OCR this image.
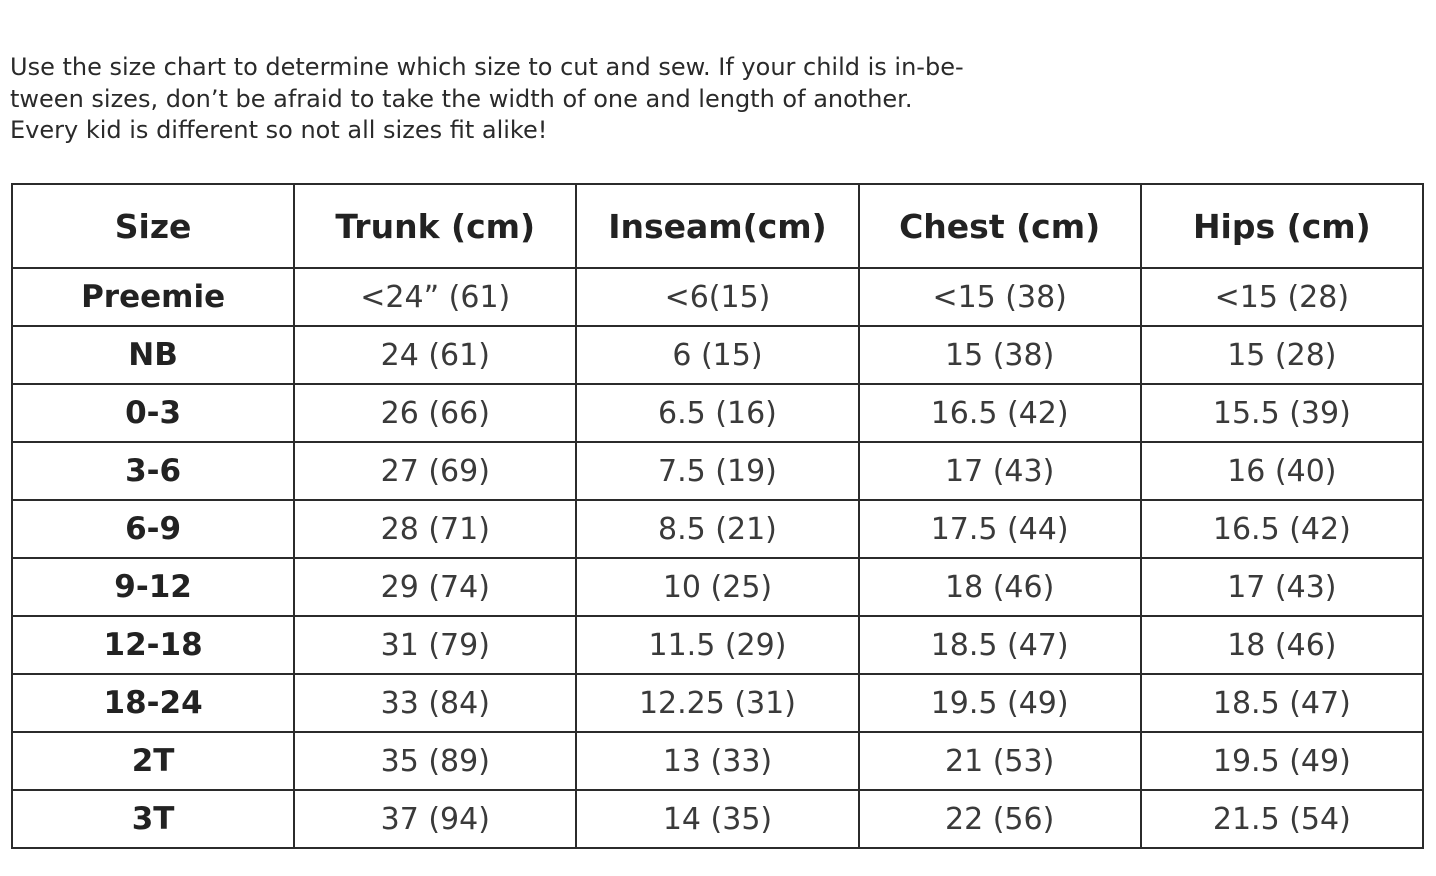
Use the size chart to determine which size to cut and sew. If your child is in-be-
tween sizes, don’t be afraid to take the width of one and length of another.
Every kid is different so not all sizes fit alike!
Size	Trunk (cm)	Inseam(cm)	Chest (cm)	Hips (cm)
Preemie	<24” (61)	<6(15)	<15 (38)	<15 (28)
NB	24 (61)	6 (15)	15 (38)	15 (28)
0-3	26 (66)	6.5 (16)	16.5 (42)	15.5 (39)
3-6	27 (69)	7.5 (19)	17 (43)	16 (40)
6-9	28 (71)	8.5 (21)	17.5 (44)	16.5 (42)
9-12	29 (74)	10 (25)	18 (46)	17 (43)
12-18	31 (79)	11.5 (29)	18.5 (47)	18 (46)
18-24	33 (84)	12.25 (31)	19.5 (49)	18.5 (47)
2T	35 (89)	13 (33)	21 (53)	19.5 (49)
3T	37 (94)	14 (35)	22 (56)	21.5 (54)
